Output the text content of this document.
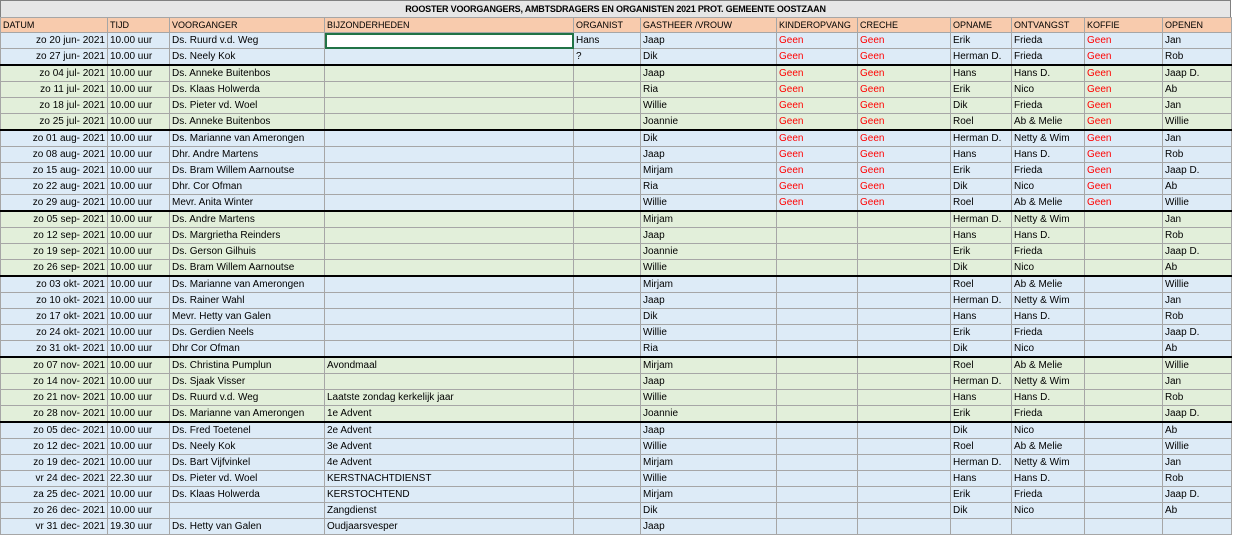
ROOSTER VOORGANGERS, AMBTSDRAGERS EN ORGANISTEN 2021 PROT. GEMEENTE OOSTZAAN
DATUM	TIJD	VOORGANGER	BIJZONDERHEDEN	ORGANIST	GASTHEER /VROUW	KINDEROPVANG	CRECHE	OPNAME	ONTVANGST	KOFFIE	OPENEN
zo 20 jun- 2021	10.00 uur	Ds. Ruurd v.d. Weg		Hans	Jaap	Geen	Geen	Erik	Frieda	Geen	Jan
zo 27 jun- 2021	10.00 uur	Ds. Neely Kok		?	Dik	Geen	Geen	Herman D.	Frieda	Geen	Rob
zo 04 jul- 2021	10.00 uur	Ds. Anneke Buitenbos			Jaap	Geen	Geen	Hans	Hans D.	Geen	Jaap D.
zo 11 jul- 2021	10.00 uur	Ds. Klaas Holwerda			Ria	Geen	Geen	Erik	Nico	Geen	Ab
zo 18 jul- 2021	10.00 uur	Ds. Pieter vd. Woel			Willie	Geen	Geen	Dik	Frieda	Geen	Jan
zo 25 jul- 2021	10.00 uur	Ds. Anneke Buitenbos			Joannie	Geen	Geen	Roel	Ab & Melie	Geen	Willie
zo 01 aug- 2021	10.00 uur	Ds. Marianne van Amerongen			Dik	Geen	Geen	Herman D.	Netty & Wim	Geen	Jan
zo 08 aug- 2021	10.00 uur	Dhr. Andre Martens			Jaap	Geen	Geen	Hans	Hans D.	Geen	Rob
zo 15 aug- 2021	10.00 uur	Ds. Bram Willem Aarnoutse			Mirjam	Geen	Geen	Erik	Frieda	Geen	Jaap D.
zo 22 aug- 2021	10.00 uur	Dhr. Cor Ofman			Ria	Geen	Geen	Dik	Nico	Geen	Ab
zo 29 aug- 2021	10.00 uur	Mevr. Anita Winter			Willie	Geen	Geen	Roel	Ab & Melie	Geen	Willie
zo 05 sep- 2021	10.00 uur	Ds. Andre Martens			Mirjam			Herman D.	Netty & Wim		Jan
zo 12 sep- 2021	10.00 uur	Ds. Margrietha Reinders			Jaap			Hans	Hans D.		Rob
zo 19 sep- 2021	10.00 uur	Ds. Gerson Gilhuis			Joannie			Erik	Frieda		Jaap D.
zo 26 sep- 2021	10.00 uur	Ds. Bram Willem Aarnoutse			Willie			Dik	Nico		Ab
zo 03 okt- 2021	10.00 uur	Ds. Marianne van Amerongen			Mirjam			Roel	Ab & Melie		Willie
zo 10 okt- 2021	10.00 uur	Ds. Rainer Wahl			Jaap			Herman D.	Netty & Wim		Jan
zo 17 okt- 2021	10.00 uur	Mevr. Hetty van Galen			Dik			Hans	Hans D.		Rob
zo 24 okt- 2021	10.00 uur	Ds. Gerdien Neels			Willie			Erik	Frieda		Jaap D.
zo 31 okt- 2021	10.00 uur	Dhr Cor Ofman			Ria			Dik	Nico		Ab
zo 07 nov- 2021	10.00 uur	Ds. Christina Pumplun	Avondmaal		Mirjam			Roel	Ab & Melie		Willie
zo 14 nov- 2021	10.00 uur	Ds. Sjaak Visser			Jaap			Herman D.	Netty & Wim		Jan
zo 21 nov- 2021	10.00 uur	Ds. Ruurd v.d. Weg	Laatste zondag kerkelijk jaar		Willie			Hans	Hans D.		Rob
zo 28 nov- 2021	10.00 uur	Ds. Marianne van Amerongen	1e Advent		Joannie			Erik	Frieda		Jaap D.
zo 05 dec- 2021	10.00 uur	Ds. Fred Toetenel	2e Advent		Jaap			Dik	Nico		Ab
zo 12 dec- 2021	10.00 uur	Ds. Neely Kok	3e Advent		Willie			Roel	Ab & Melie		Willie
zo 19 dec- 2021	10.00 uur	Ds. Bart Vijfvinkel	4e Advent		Mirjam			Herman D.	Netty & Wim		Jan
vr 24 dec- 2021	22.30 uur	Ds. Pieter vd. Woel	KERSTNACHTDIENST		Willie			Hans	Hans D.		Rob
za 25 dec- 2021	10.00 uur	Ds. Klaas Holwerda	KERSTOCHTEND		Mirjam			Erik	Frieda		Jaap D.
zo 26 dec- 2021	10.00 uur		Zangdienst		Dik			Dik	Nico		Ab
vr 31 dec- 2021	19.30 uur	Ds. Hetty van Galen	Oudjaarsvesper		Jaap						
